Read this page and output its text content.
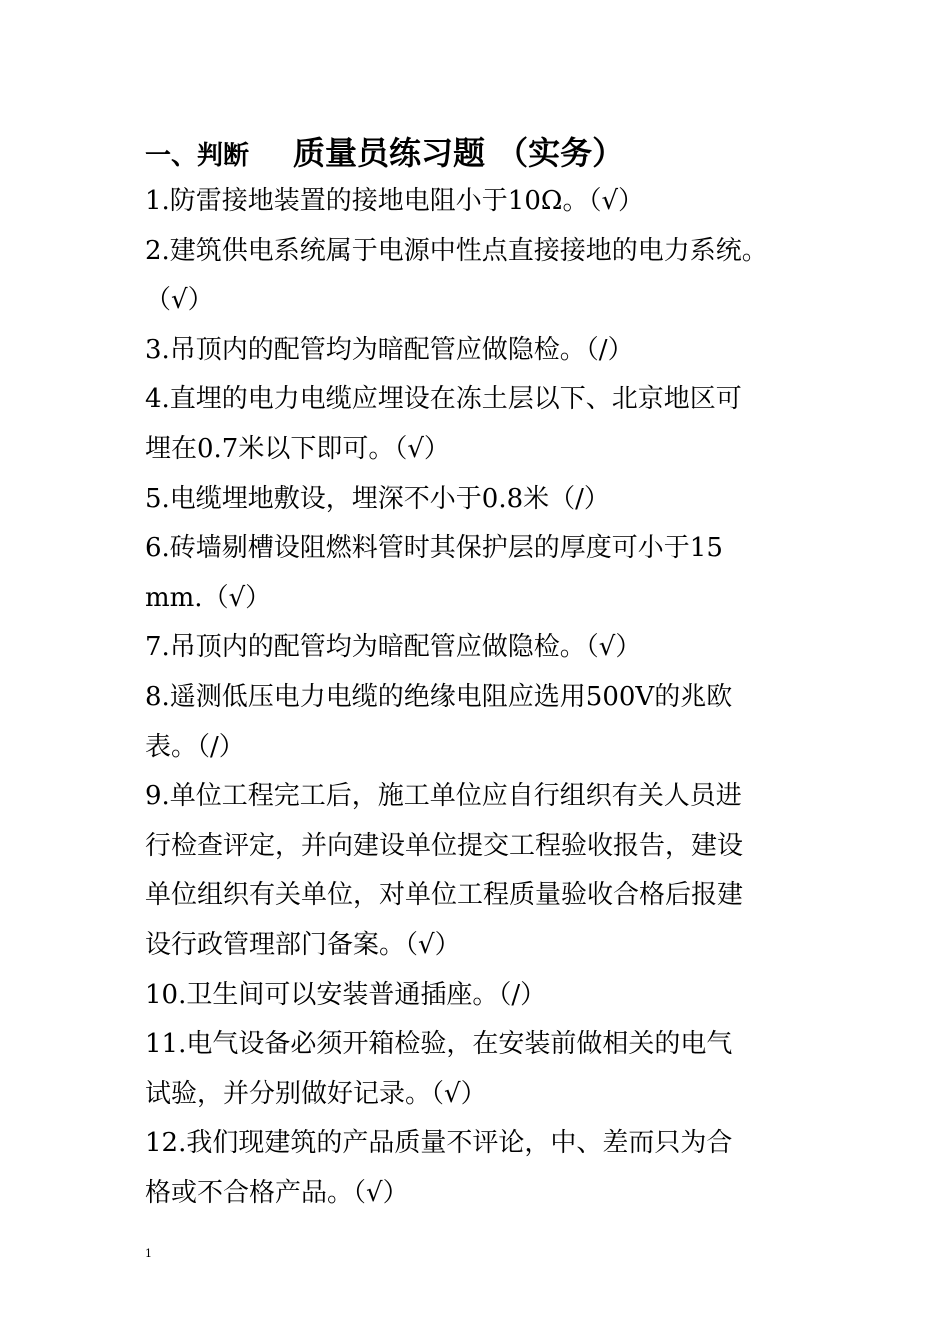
一、判断 质量员练习题 （实务）
1.防雷接地装置的接地电阻小于10Ω。（√）
2.建筑供电系统属于电源中性点直接接地的电力系统。
（√）
3.吊顶内的配管均为暗配管应做隐检。（/）
4.直埋的电力电缆应埋设在冻土层以下、北京地区可
埋在0.7米以下即可。（√）
5.电缆埋地敷设，埋深不小于0.8米（/）
6.砖墙剔槽设阻燃料管时其保护层的厚度可小于15
mm.（√）
7.吊顶内的配管均为暗配管应做隐检。（√）
8.遥测低压电力电缆的绝缘电阻应选用500V的兆欧
表。（/）
9.单位工程完工后，施工单位应自行组织有关人员进
行检查评定，并向建设单位提交工程验收报告，建设
单位组织有关单位，对单位工程质量验收合格后报建
设行政管理部门备案。（√）
10.卫生间可以安装普通插座。（/）
11.电气设备必须开箱检验，在安装前做相关的电气
试验，并分别做好记录。（√）
12.我们现建筑的产品质量不评论，中、差而只为合
格或不合格产品。（√）
1
